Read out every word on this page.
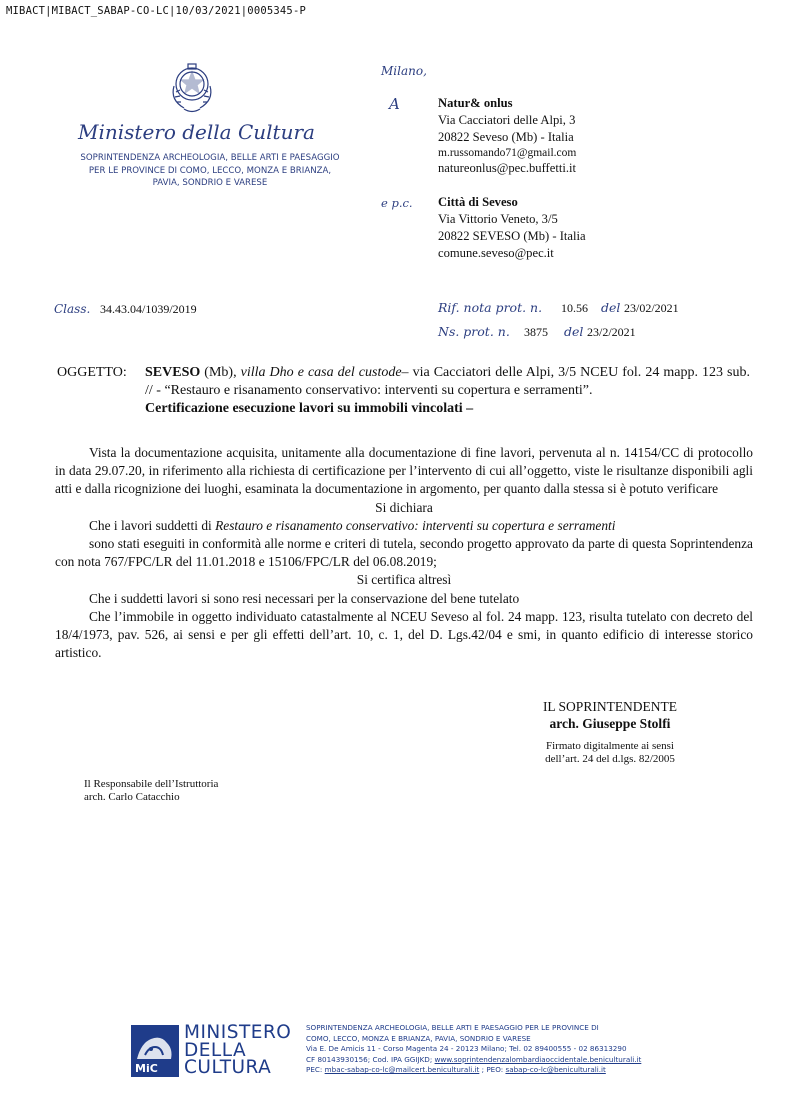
MIBACT|MIBACT_SABAP-CO-LC|10/03/2021|0005345-P
Ministero della Cultura
SOPRINTENDENZA ARCHEOLOGIA, BELLE ARTI E PAESAGGIO
PER LE PROVINCE DI COMO, LECCO, MONZA E BRIANZA,
PAVIA, SONDRIO E VARESE
Milano,
A	Natur& onlus
Via Cacciatori delle Alpi, 3
20822 Seveso (Mb) - Italia
m.russomando71@gmail.com
natureonlus@pec.buffetti.it
e p.c. Città di Seveso
Via Vittorio Veneto, 3/5
20822 SEVESO (Mb) - Italia
comune.seveso@pec.it
Class. 34.43.04/1039/2019	Rif. nota prot. n. 10.56 del 23/02/2021
Ns. prot. n. 3875 del 23/2/2021
OGGETTO: SEVESO (Mb), villa Dho e casa del custode– via Cacciatori delle Alpi, 3/5 NCEU fol. 24 mapp. 123 sub. // - “Restauro e risanamento conservativo: interventi su copertura e serramenti”.
Certificazione esecuzione lavori su immobili vincolati –

Vista la documentazione acquisita, unitamente alla documentazione di fine lavori, pervenuta al n. 14154/CC di protocollo in data 29.07.20, in riferimento alla richiesta di certificazione per l’intervento di cui all’oggetto, viste le risultanze disponibili agli atti e dalla ricognizione dei luoghi, esaminata la documentazione in argomento, per quanto dalla stessa si è potuto verificare

Si dichiara

Che i lavori suddetti di Restauro e risanamento conservativo: interventi su copertura e serramenti

sono stati eseguiti in conformità alle norme e criteri di tutela, secondo progetto approvato da parte di questa Soprintendenza con nota 767/FPC/LR del 11.01.2018 e 15106/FPC/LR del 06.08.2019;

Si certifica altresì

Che i suddetti lavori si sono resi necessari per la conservazione del bene tutelato

Che l’immobile in oggetto individuato catastalmente al NCEU Seveso al fol. 24 mapp. 123, risulta tutelato con decreto del 18/4/1973, pav. 526, ai sensi e per gli effetti dell’art. 10, c. 1, del D. Lgs.42/04 e smi, in quanto edificio di interesse storico artistico.

IL SOPRINTENDENTE
arch. Giuseppe Stolfi
Firmato digitalmente ai sensi
dell’art. 24 del d.lgs. 82/2005
Il Responsabile dell’Istruttoria
arch. Carlo Catacchio
MiC
MINISTERO
DELLA
CULTURA
SOPRINTENDENZA ARCHEOLOGIA, BELLE ARTI E PAESAGGIO PER LE PROVINCE DI
COMO, LECCO, MONZA E BRIANZA, PAVIA, SONDRIO E VARESE
Via E. De Amicis 11 - Corso Magenta 24 - 20123 Milano; Tel. 02 89400555 - 02 86313290
CF 80143930156; Cod. IPA GGIJKD; www.soprintendenzalombardiaoccidentale.beniculturali.it
PEC: mbac-sabap-co-lc@mailcert.beniculturali.it ; PEO: sabap-co-lc@beniculturali.it
